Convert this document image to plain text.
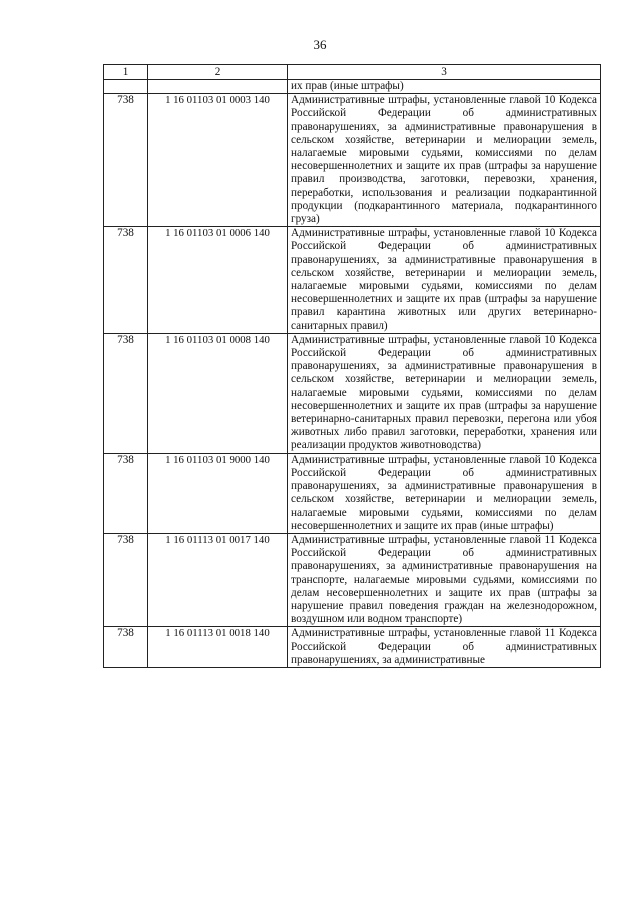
36
1	2	3
		их прав (иные штрафы)
738	1 16 01103 01 0003 140	Административные штрафы, установленные главой 10 Кодекса Российской Федерации об административных правонарушениях, за административные правонарушения в сельском хозяйстве, ветеринарии и мелиорации земель, налагаемые мировыми судьями, комиссиями по делам несовершеннолетних и защите их прав (штрафы за нарушение правил производства, заготовки, перевозки, хранения, переработки, использования и реализации подкарантинной продукции (подкарантинного материала, подкарантинного груза)
738	1 16 01103 01 0006 140	Административные штрафы, установленные главой 10 Кодекса Российской Федерации об административных правонарушениях, за административные правонарушения в сельском хозяйстве, ветеринарии и мелиорации земель, налагаемые мировыми судьями, комиссиями по делам несовершеннолетних и защите их прав (штрафы за нарушение правил карантина животных или других ветеринарно-санитарных правил)
738	1 16 01103 01 0008 140	Административные штрафы, установленные главой 10 Кодекса Российской Федерации об административных правонарушениях, за административные правонарушения в сельском хозяйстве, ветеринарии и мелиорации земель, налагаемые мировыми судьями, комиссиями по делам несовершеннолетних и защите их прав (штрафы за нарушение ветеринарно-санитарных правил перевозки, перегона или убоя животных либо правил заготовки, переработки, хранения или реализации продуктов животноводства)
738	1 16 01103 01 9000 140	Административные штрафы, установленные главой 10 Кодекса Российской Федерации об административных правонарушениях, за административные правонарушения в сельском хозяйстве, ветеринарии и мелиорации земель, налагаемые мировыми судьями, комиссиями по делам несовершеннолетних и защите их прав (иные штрафы)
738	1 16 01113 01 0017 140	Административные штрафы, установленные главой 11 Кодекса Российской Федерации об административных правонарушениях, за административные правонарушения на транспорте, налагаемые мировыми судьями, комиссиями по делам несовершеннолетних и защите их прав (штрафы за нарушение правил поведения граждан на железнодорожном, воздушном или водном транспорте)
738	1 16 01113 01 0018 140	Административные штрафы, установленные главой 11 Кодекса Российской Федерации об административных правонарушениях, за административные
